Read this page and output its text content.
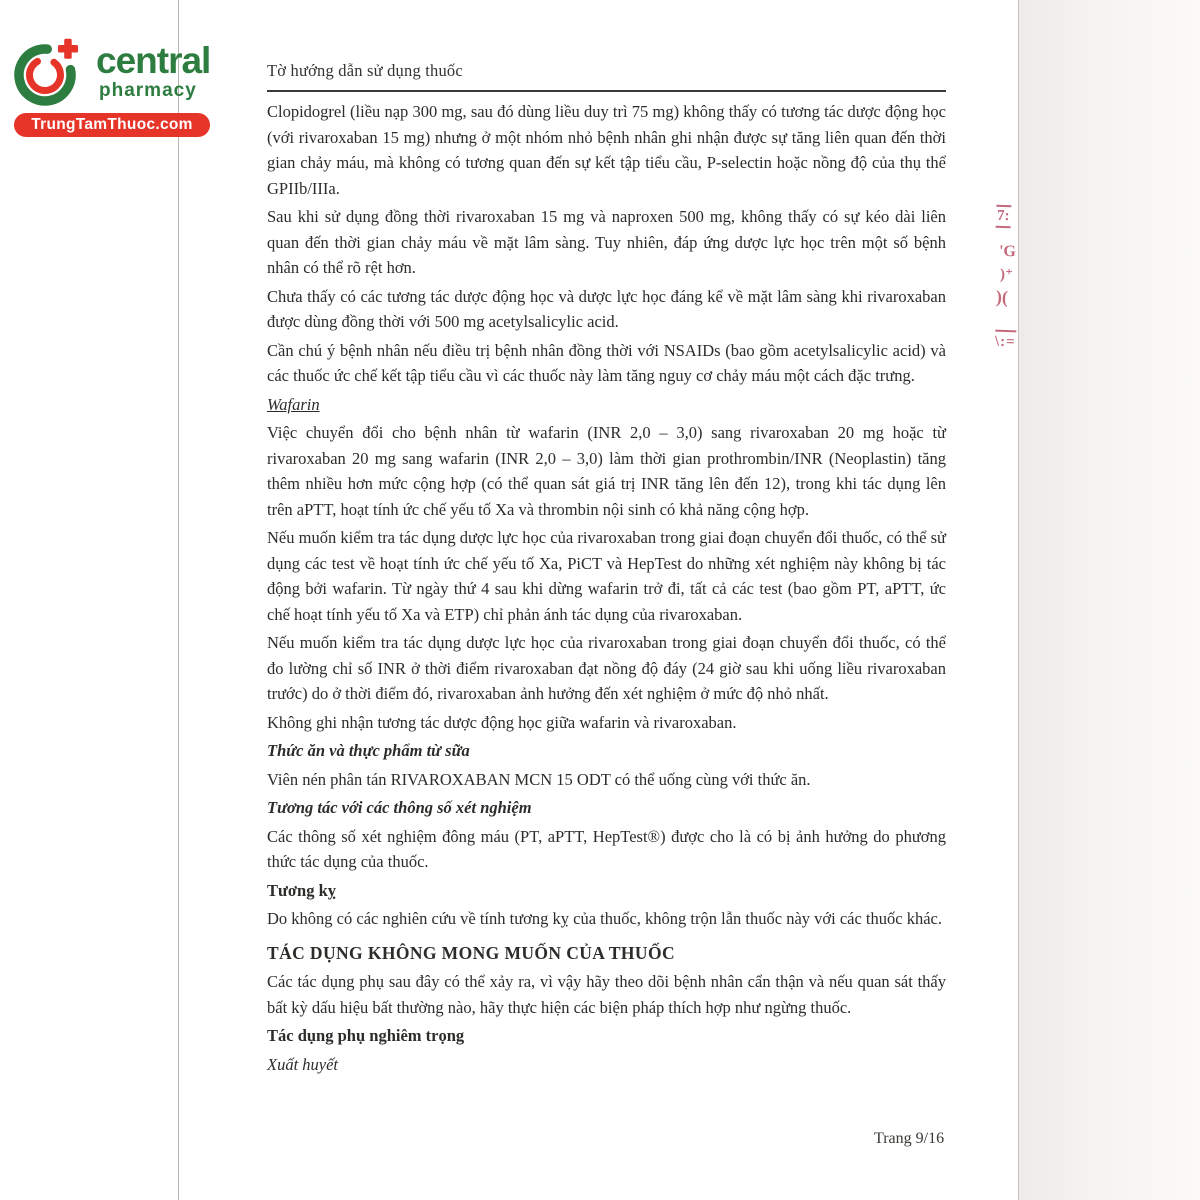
central
pharmacy
TrungTamThuoc.com
Tờ hướng dẫn sử dụng thuốc

Clopidogrel (liều nạp 300 mg, sau đó dùng liều duy trì 75 mg) không thấy có tương tác dược động học (với rivaroxaban 15 mg) nhưng ở một nhóm nhỏ bệnh nhân ghi nhận được sự tăng liên quan đến thời gian chảy máu, mà không có tương quan đến sự kết tập tiểu cầu, P-selectin hoặc nồng độ của thụ thể GPIIb/IIIa.

Sau khi sử dụng đồng thời rivaroxaban 15 mg và naproxen 500 mg, không thấy có sự kéo dài liên quan đến thời gian chảy máu về mặt lâm sàng. Tuy nhiên, đáp ứng dược lực học trên một số bệnh nhân có thể rõ rệt hơn.

Chưa thấy có các tương tác dược động học và dược lực học đáng kể về mặt lâm sàng khi rivaroxaban được dùng đồng thời với 500 mg acetylsalicylic acid.

Cần chú ý bệnh nhân nếu điều trị bệnh nhân đồng thời với NSAIDs (bao gồm acetylsalicylic acid) và các thuốc ức chế kết tập tiểu cầu vì các thuốc này làm tăng nguy cơ chảy máu một cách đặc trưng.

Wafarin

Việc chuyển đổi cho bệnh nhân từ wafarin (INR 2,0 – 3,0) sang rivaroxaban 20 mg hoặc từ rivaroxaban 20 mg sang wafarin (INR 2,0 – 3,0) làm thời gian prothrombin/INR (Neoplastin) tăng thêm nhiều hơn mức cộng hợp (có thể quan sát giá trị INR tăng lên đến 12), trong khi tác dụng lên trên aPTT, hoạt tính ức chế yếu tố Xa và thrombin nội sinh có khả năng cộng hợp.

Nếu muốn kiểm tra tác dụng dược lực học của rivaroxaban trong giai đoạn chuyển đổi thuốc, có thể sử dụng các test về hoạt tính ức chế yếu tố Xa, PiCT và HepTest do những xét nghiệm này không bị tác động bởi wafarin. Từ ngày thứ 4 sau khi dừng wafarin trở đi, tất cả các test (bao gồm PT, aPTT, ức chế hoạt tính yếu tố Xa và ETP) chỉ phản ánh tác dụng của rivaroxaban.

Nếu muốn kiểm tra tác dụng dược lực học của rivaroxaban trong giai đoạn chuyển đổi thuốc, có thể đo lường chỉ số INR ở thời điểm rivaroxaban đạt nồng độ đáy (24 giờ sau khi uống liều rivaroxaban trước) do ở thời điểm đó, rivaroxaban ảnh hưởng đến xét nghiệm ở mức độ nhỏ nhất.

Không ghi nhận tương tác dược động học giữa wafarin và rivaroxaban.

Thức ăn và thực phẩm từ sữa

Viên nén phân tán RIVAROXABAN MCN 15 ODT có thể uống cùng với thức ăn.

Tương tác với các thông số xét nghiệm

Các thông số xét nghiệm đông máu (PT, aPTT, HepTest®) được cho là có bị ảnh hưởng do phương thức tác dụng của thuốc.

Tương kỵ

Do không có các nghiên cứu về tính tương kỵ của thuốc, không trộn lẫn thuốc này với các thuốc khác.

TÁC DỤNG KHÔNG MONG MUỐN CỦA THUỐC

Các tác dụng phụ sau đây có thể xảy ra, vì vậy hãy theo dõi bệnh nhân cẩn thận và nếu quan sát thấy bất kỳ dấu hiệu bất thường nào, hãy thực hiện các biện pháp thích hợp như ngừng thuốc.

Tác dụng phụ nghiêm trọng

Xuất huyết

Trang 9/16
7:
'G
)⁺
)(
\:=
